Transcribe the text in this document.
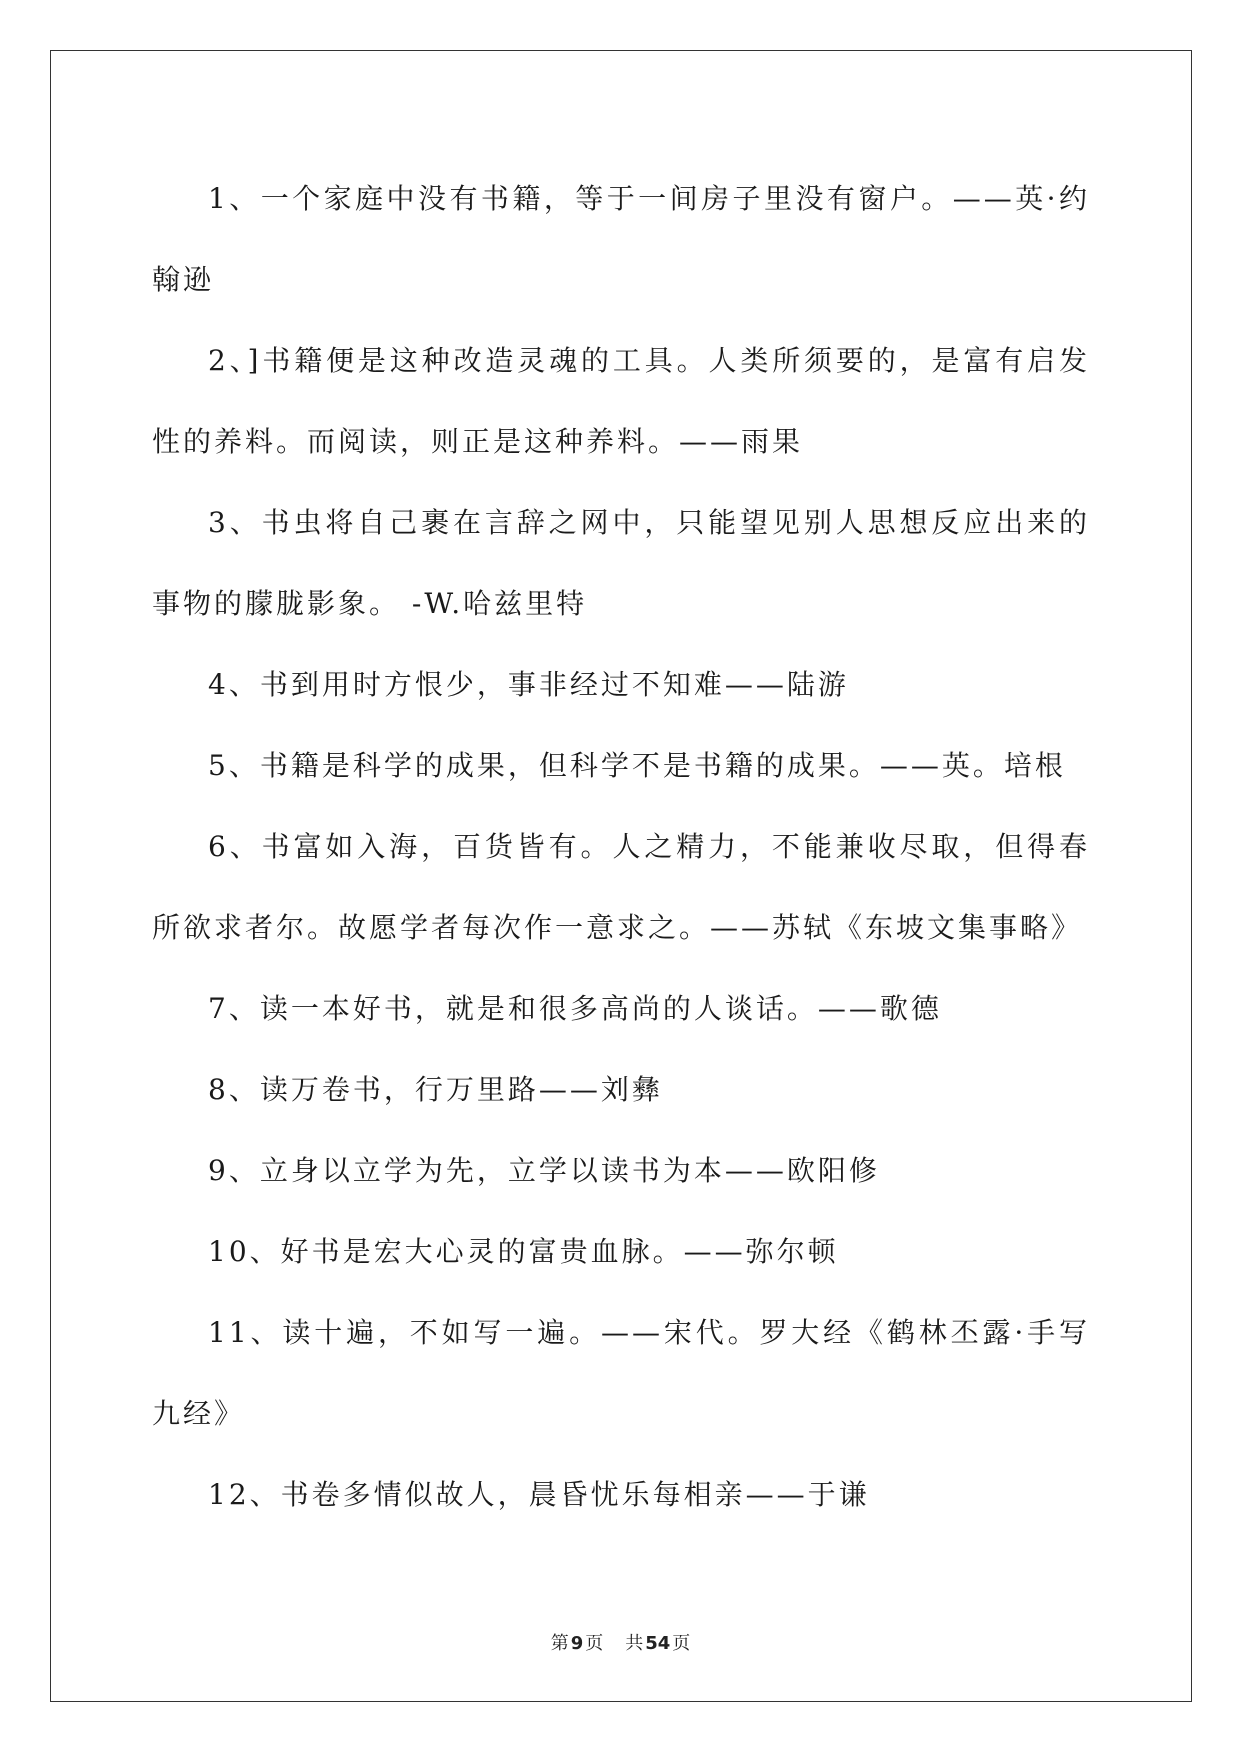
1、一个家庭中没有书籍，等于一间房子里没有窗户。——英·约翰逊

2、]书籍便是这种改造灵魂的工具。人类所须要的，是富有启发性的养料。而阅读，则正是这种养料。——雨果

3、书虫将自己裹在言辞之网中，只能望见别人思想反应出来的事物的朦胧影象。 -W.哈兹里特

4、书到用时方恨少，事非经过不知难——陆游

5、书籍是科学的成果，但科学不是书籍的成果。——英。培根

6、书富如入海，百货皆有。人之精力，不能兼收尽取，但得春所欲求者尔。故愿学者每次作一意求之。——苏轼《东坡文集事略》

7、读一本好书，就是和很多高尚的人谈话。——歌德

8、读万卷书，行万里路——刘彝

9、立身以立学为先，立学以读书为本——欧阳修

10、好书是宏大心灵的富贵血脉。——弥尔顿

11、读十遍，不如写一遍。——宋代。罗大经《鹤林丕露·手写九经》

12、书卷多情似故人，晨昏忧乐每相亲——于谦

第 9 页 共 54 页
